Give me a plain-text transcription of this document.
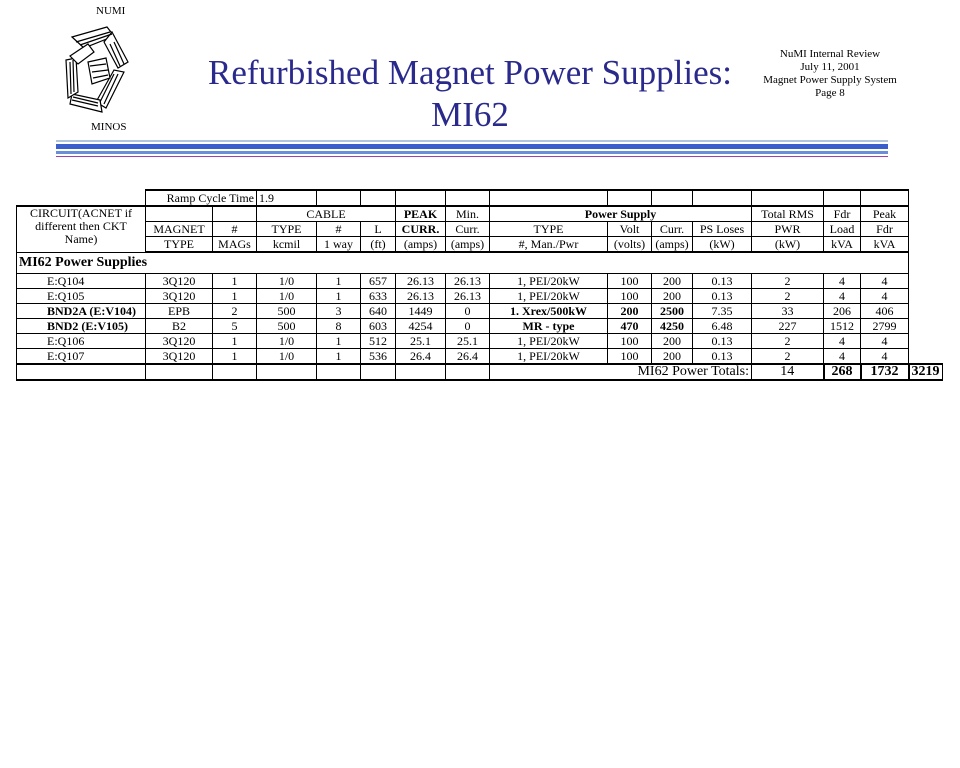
NUMI
MINOS
Refurbished Magnet Power Supplies:
MI62
NuMI Internal Review
July 11, 2001
Magnet Power Supply System
Page 8
	Ramp Cycle Time		1.9												
CIRCUIT(ACNET if different then CKT Name)			CABLE			PEAK	Min.	Power Supply				Total RMS	Fdr	Peak	
	MAGNET	#	TYPE	#	L	CURR.	Curr.	TYPE	Volt	Curr.	PS Loses	PWR	Load	Fdr	
	TYPE	MAGs	kcmil	1 way	(ft)	(amps)	(amps)	#, Man./Pwr	(volts)	(amps)	(kW)	(kW)	kVA	kVA	
MI62 Power Supplies															
E:Q104	3Q120	1	1/0	1	657	26.13	26.13	1, PEI/20kW	100	200	0.13	2	4	4	
E:Q105	3Q120	1	1/0	1	633	26.13	26.13	1, PEI/20kW	100	200	0.13	2	4	4	
BND2A (E:V104)	EPB	2	500	3	640	1449	0	1. Xrex/500kW	200	2500	7.35	33	206	406	
BND2 (E:V105)	B2	5	500	8	603	4254	0	MR - type	470	4250	6.48	227	1512	2799	
E:Q106	3Q120	1	1/0	1	512	25.1	25.1	1, PEI/20kW	100	200	0.13	2	4	4	
E:Q107	3Q120	1	1/0	1	536	26.4	26.4	1, PEI/20kW	100	200	0.13	2	4	4	
								MI62 Power Totals:				14	268	1732	3219
